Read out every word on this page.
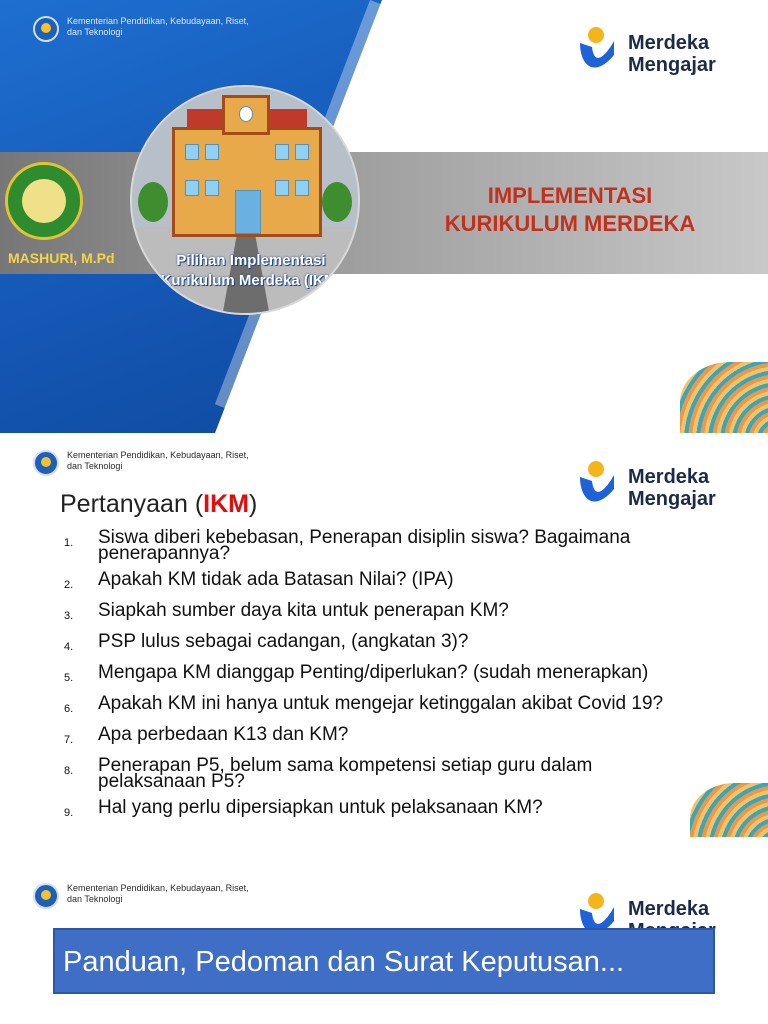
Kementerian Pendidikan, Kebudayaan, Riset, dan Teknologi	Merdeka
Mengajar
MASHURI, M.Pd	Pilihan Implementasi
Kurikulum Merdeka (IKM)
IMPLEMENTASI
KURIKULUM MERDEKA
Kementerian Pendidikan, Kebudayaan, Riset, dan Teknologi	Merdeka
Mengajar
Pertanyaan (IKM)
1.	Siswa diberi kebebasan, Penerapan disiplin siswa? Bagaimana penerapannya?
2.	Apakah KM tidak ada Batasan Nilai? (IPA)
3.	Siapkah sumber daya kita untuk penerapan KM?
4.	PSP lulus sebagai cadangan, (angkatan 3)?
5.	Mengapa KM dianggap Penting/diperlukan? (sudah menerapkan)
6.	Apakah KM ini hanya untuk mengejar ketinggalan akibat Covid 19?
7.	Apa perbedaan K13 dan KM?
8.	Penerapan P5, belum sama kompetensi setiap guru dalam pelaksanaan P5?
9.	Hal yang perlu dipersiapkan untuk pelaksanaan KM?
Kementerian Pendidikan, Kebudayaan, Riset, dan Teknologi	Merdeka
Panduan, Pedoman dan Surat Keputusan...
